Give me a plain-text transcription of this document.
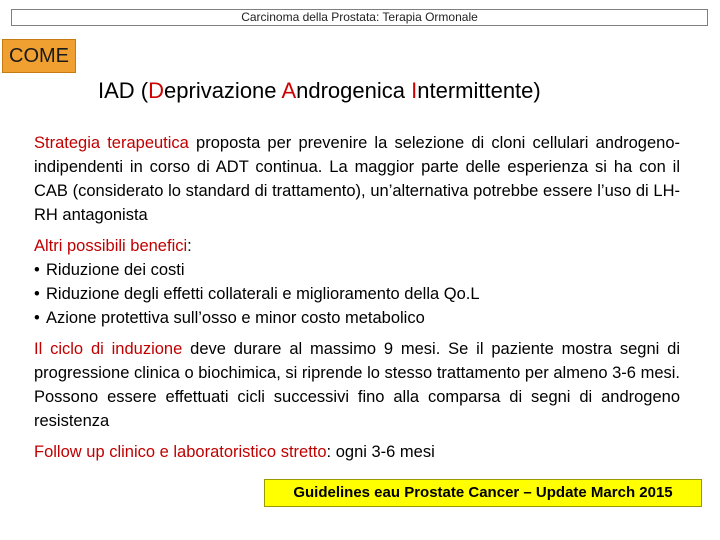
Carcinoma della Prostata: Terapia Ormonale
COME
IAD (Deprivazione Androgenica Intermittente)

Strategia terapeutica proposta per prevenire la selezione di cloni cellulari androgeno-indipendenti in corso di ADT continua. La maggior parte delle esperienza si ha con il CAB (considerato lo standard di trattamento), un’alternativa potrebbe essere l’uso di LH-RH antagonista

Altri possibili benefici:

• Riduzione dei costi

• Riduzione degli effetti collaterali e miglioramento della Qo.L

• Azione protettiva sull’osso e minor costo metabolico

Il ciclo di induzione deve durare al massimo 9 mesi. Se il paziente mostra segni di progressione clinica o biochimica, si riprende lo stesso trattamento per almeno 3-6 mesi. Possono essere effettuati cicli successivi fino alla comparsa di segni di androgeno resistenza

Follow up clinico e laboratoristico stretto: ogni 3-6 mesi

Guidelines eau Prostate Cancer – Update March 2015
